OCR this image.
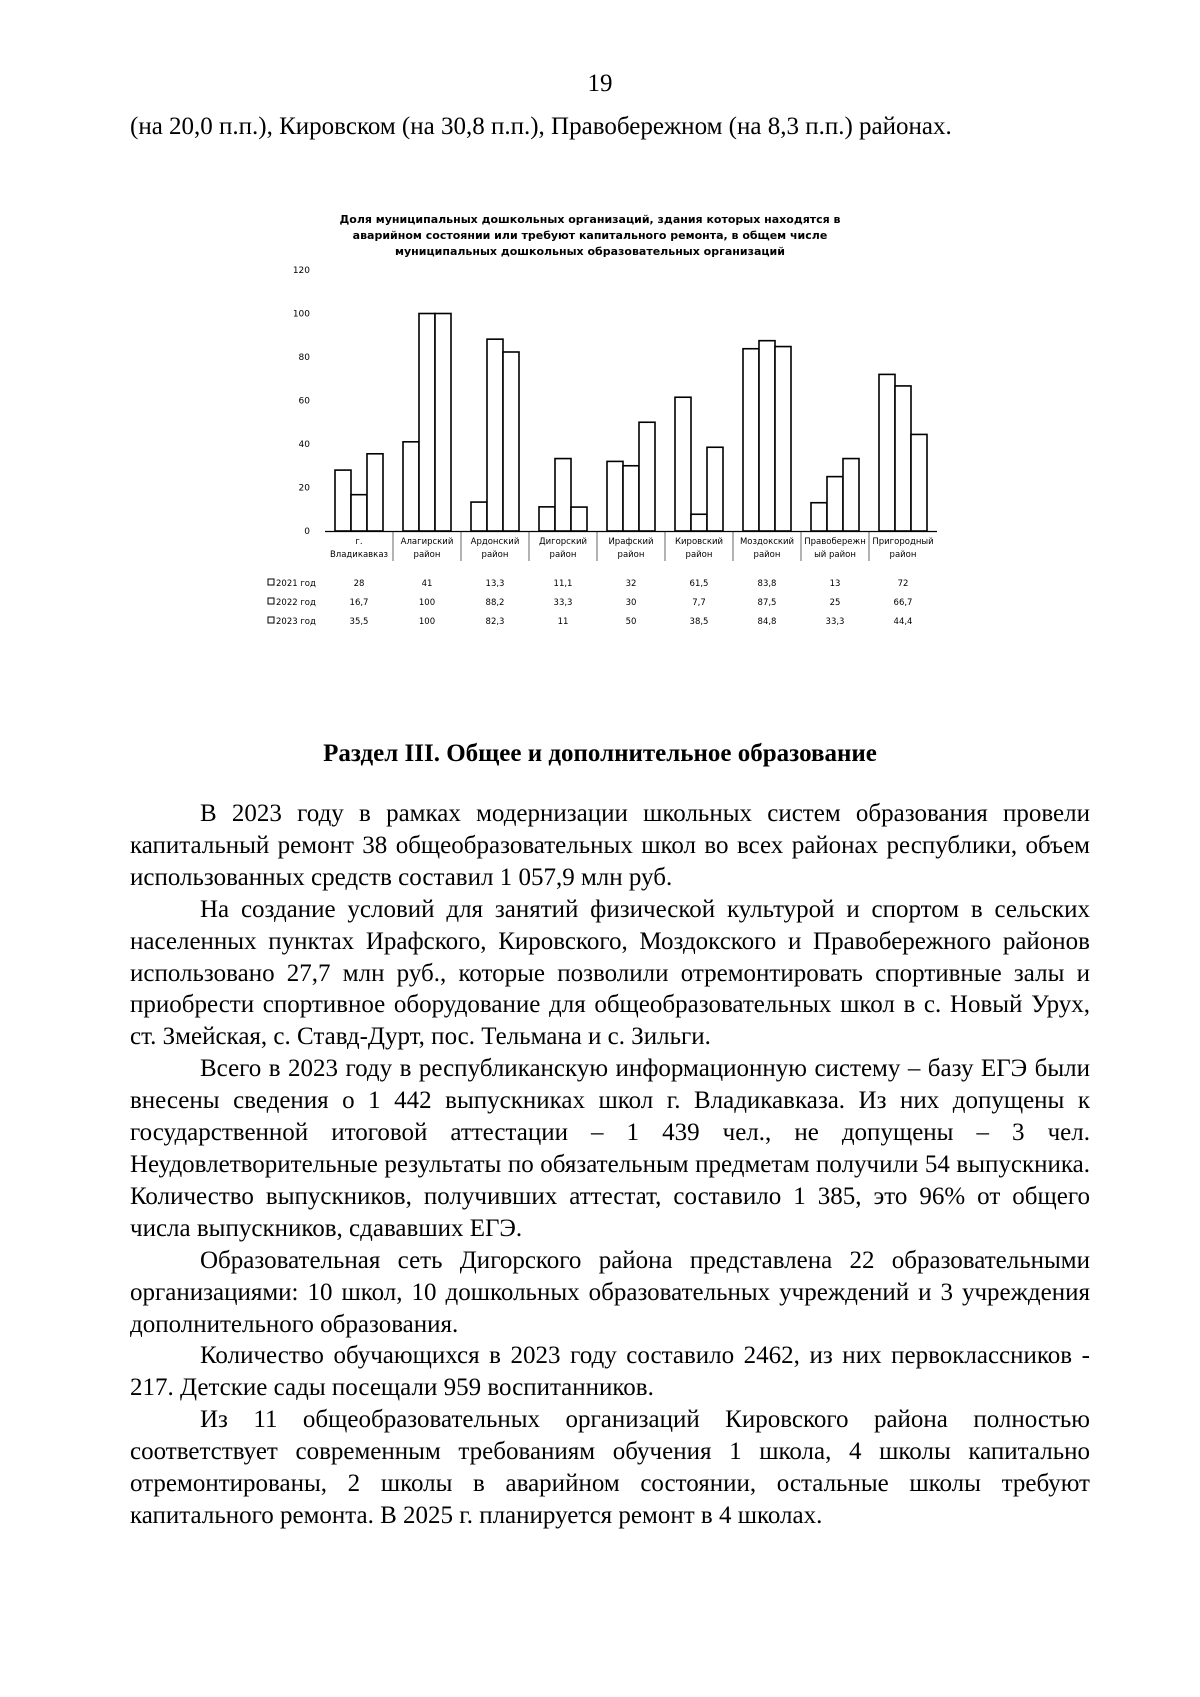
19
(на 20,0 п.п.), Кировском (на 30,8 п.п.), Правобережном (на 8,3 п.п.) районах.
Доля муниципальных дошкольных организаций, здания которых находятся в
аварийном состоянии или требуют капитального ремонта, в общем числе
муниципальных дошкольных образовательных организаций
0
20
40
60
80
100
120
г.
Владикавказ
Алагирский
район
Ардонский
район
Дигорский
район
Ирафский
район
Кировский
район
Моздокский
район
Правобережн
ый район
Пригородный
район
2021 год	28	41	13,3	11,1	32	61,5	83,8	13	72
2022 год	16,7	100	88,2	33,3	30	7,7	87,5	25	66,7
2023 год	35,5	100	82,3	11	50	38,5	84,8	33,3	44,4
Раздел III. Общее и дополнительное образование

В 2023 году в рамках модернизации школьных систем образования провели капитальный ремонт 38 общеобразовательных школ во всех районах республики, объем использованных средств составил 1 057,9 млн руб.

На создание условий для занятий физической культурой и спортом в сельских населенных пунктах Ирафского, Кировского, Моздокского и Правобережного районов использовано 27,7 млн руб., которые позволили отремонтировать спортивные залы и приобрести спортивное оборудование для общеобразовательных школ в с. Новый Урух, ст. Змейская, с. Ставд-Дурт, пос. Тельмана и с. Зильги.

Всего в 2023 году в республиканскую информационную систему – базу ЕГЭ были внесены сведения о 1 442 выпускниках школ г. Владикавказа. Из них допущены к государственной итоговой аттестации – 1 439 чел., не допущены – 3 чел. Неудовлетворительные результаты по обязательным предметам получили 54 выпускника. Количество выпускников, получивших аттестат, составило 1 385, это 96% от общего числа выпускников, сдававших ЕГЭ.

Образовательная сеть Дигорского района представлена 22 образовательными организациями: 10 школ, 10 дошкольных образовательных учреждений и 3 учреждения дополнительного образования.

Количество обучающихся в 2023 году составило 2462, из них первоклассников - 217. Детские сады посещали 959 воспитанников.

Из 11 общеобразовательных организаций Кировского района полностью соответствует современным требованиям обучения 1 школа, 4 школы капитально отремонтированы, 2 школы в аварийном состоянии, остальные школы требуют капитального ремонта. В 2025 г. планируется ремонт в 4 школах.
